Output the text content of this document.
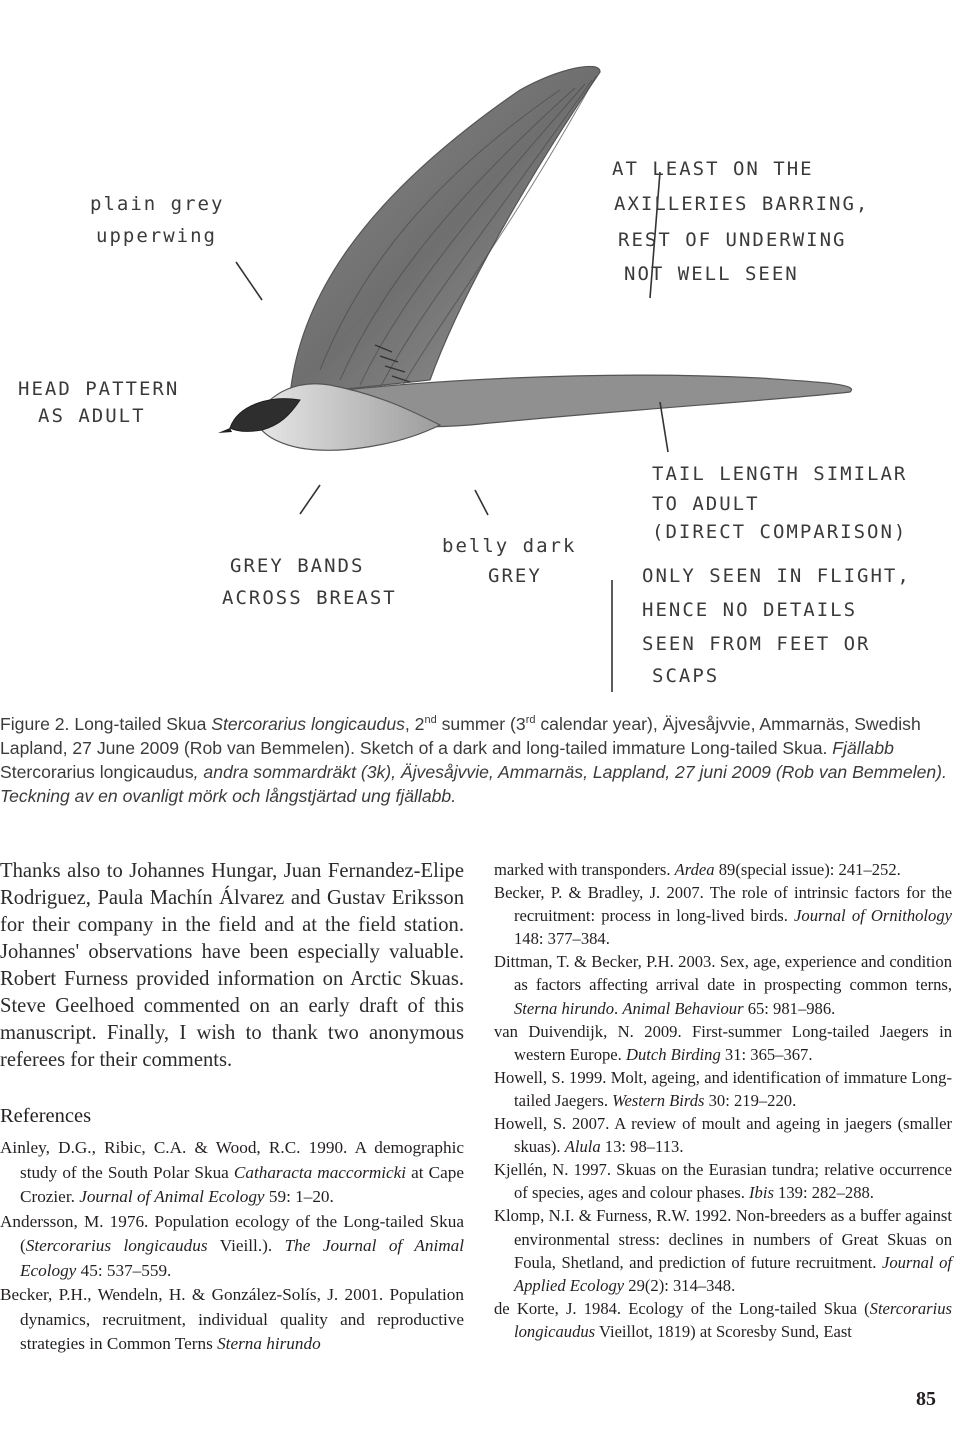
plain grey upperwing
AT LEAST ON THE AXILLERIES BARRING, REST OF UNDERWING NOT WELL SEEN
HEAD PATTERN AS ADULT
TAIL LENGTH SIMILAR TO ADULT (DIRECT COMPARISON)
GREY BANDS ACROSS BREAST
belly dark GREY	ONLY SEEN IN FLIGHT, HENCE NO DETAILS SEEN FROM FEET OR SCAPS
Figure 2. Long-tailed Skua Stercorarius longicaudus, 2nd summer (3rd calendar year), Äjvesåjvvie, Ammarnäs, Swedish Lapland, 27 June 2009 (Rob van Bemmelen). Sketch of a dark and long-tailed immature Long-tailed Skua. Fjällabb Stercorarius longicaudus, andra sommardräkt (3k), Äjvesåjvvie, Ammarnäs, Lappland, 27 juni 2009 (Rob van Bemmelen). Teckning av en ovanligt mörk och långstjärtad ung fjällabb.

Thanks also to Johannes Hungar, Juan Fernandez-Elipe Rodriguez, Paula Machín Álvarez and Gustav Eriksson for their company in the field and at the field station. Johannes' observations have been especially valuable. Robert Furness provided information on Arctic Skuas. Steve Geelhoed commented on an early draft of this manuscript. Finally, I wish to thank two anonymous referees for their comments.

References

Ainley, D.G., Ribic, C.A. & Wood, R.C. 1990. A demographic study of the South Polar Skua Catharacta maccormicki at Cape Crozier. Journal of Animal Ecology 59: 1–20.

Andersson, M. 1976. Population ecology of the Long-tailed Skua (Stercorarius longicaudus Vieill.). The Journal of Animal Ecology 45: 537–559.

Becker, P.H., Wendeln, H. & González-Solís, J. 2001. Population dynamics, recruitment, individual quality and reproductive strategies in Common Terns Sterna hirundo

marked with transponders. Ardea 89(special issue): 241–252.

Becker, P. & Bradley, J. 2007. The role of intrinsic factors for the recruitment: process in long-lived birds. Journal of Ornithology 148: 377–384.

Dittman, T. & Becker, P.H. 2003. Sex, age, experience and condition as factors affecting arrival date in prospecting common terns, Sterna hirundo. Animal Behaviour 65: 981–986.

van Duivendijk, N. 2009. First-summer Long-tailed Jaegers in western Europe. Dutch Birding 31: 365–367.

Howell, S. 1999. Molt, ageing, and identification of immature Long-tailed Jaegers. Western Birds 30: 219–220.

Howell, S. 2007. A review of moult and ageing in jaegers (smaller skuas). Alula 13: 98–113.

Kjellén, N. 1997. Skuas on the Eurasian tundra; relative occurrence of species, ages and colour phases. Ibis 139: 282–288.

Klomp, N.I. & Furness, R.W. 1992. Non-breeders as a buffer against environmental stress: declines in numbers of Great Skuas on Foula, Shetland, and prediction of future recruitment. Journal of Applied Ecology 29(2): 314–348.

de Korte, J. 1984. Ecology of the Long-tailed Skua (Stercorarius longicaudus Vieillot, 1819) at Scoresby Sund, East

85
